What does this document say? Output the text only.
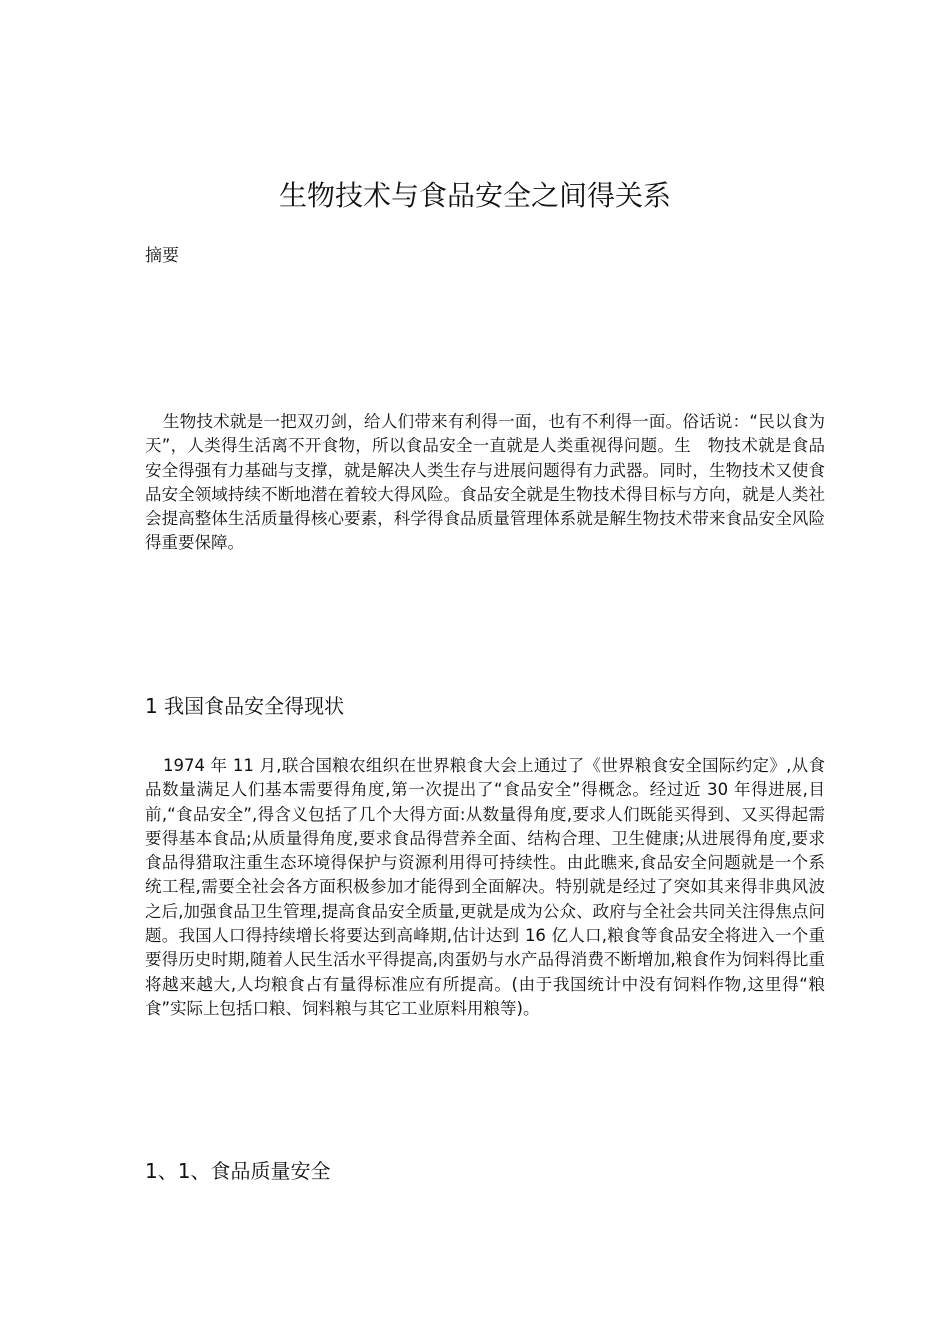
生物技术与食品安全之间得关系

摘要

生物技术就是一把双刃剑，给人们带来有利得一面，也有不利得一面。俗话说：“民以食为天”，人类得生活离不开食物，所以食品安全一直就是人类重视得问题。生　物技术就是食品安全得强有力基础与支撑，就是解决人类生存与进展问题得有力武器。同时，生物技术又使食品安全领域持续不断地潜在着较大得风险。食品安全就是生物技术得目标与方向，就是人类社会提高整体生活质量得核心要素，科学得食品质量管理体系就是解生物技术带来食品安全风险得重要保障。

1 我国食品安全得现状

1974 年 11 月,联合国粮农组织在世界粮食大会上通过了《世界粮食安全国际约定》,从食品数量满足人们基本需要得角度,第一次提出了“食品安全”得概念。经过近 30 年得进展,目前,“食品安全”,得含义包括了几个大得方面:从数量得角度,要求人们既能买得到、又买得起需要得基本食品;从质量得角度,要求食品得营养全面、结构合理、卫生健康;从进展得角度,要求食品得猎取注重生态环境得保护与资源利用得可持续性。由此瞧来,食品安全问题就是一个系统工程,需要全社会各方面积极参加才能得到全面解决。特别就是经过了突如其来得非典风波之后,加强食品卫生管理,提高食品安全质量,更就是成为公众、政府与全社会共同关注得焦点问题。我国人口得持续增长将要达到高峰期,估计达到 16 亿人口,粮食等食品安全将进入一个重要得历史时期,随着人民生活水平得提高,肉蛋奶与水产品得消费不断增加,粮食作为饲料得比重将越来越大,人均粮食占有量得标准应有所提高。(由于我国统计中没有饲料作物,这里得“粮食”实际上包括口粮、饲料粮与其它工业原料用粮等)。

1、1、食品质量安全
